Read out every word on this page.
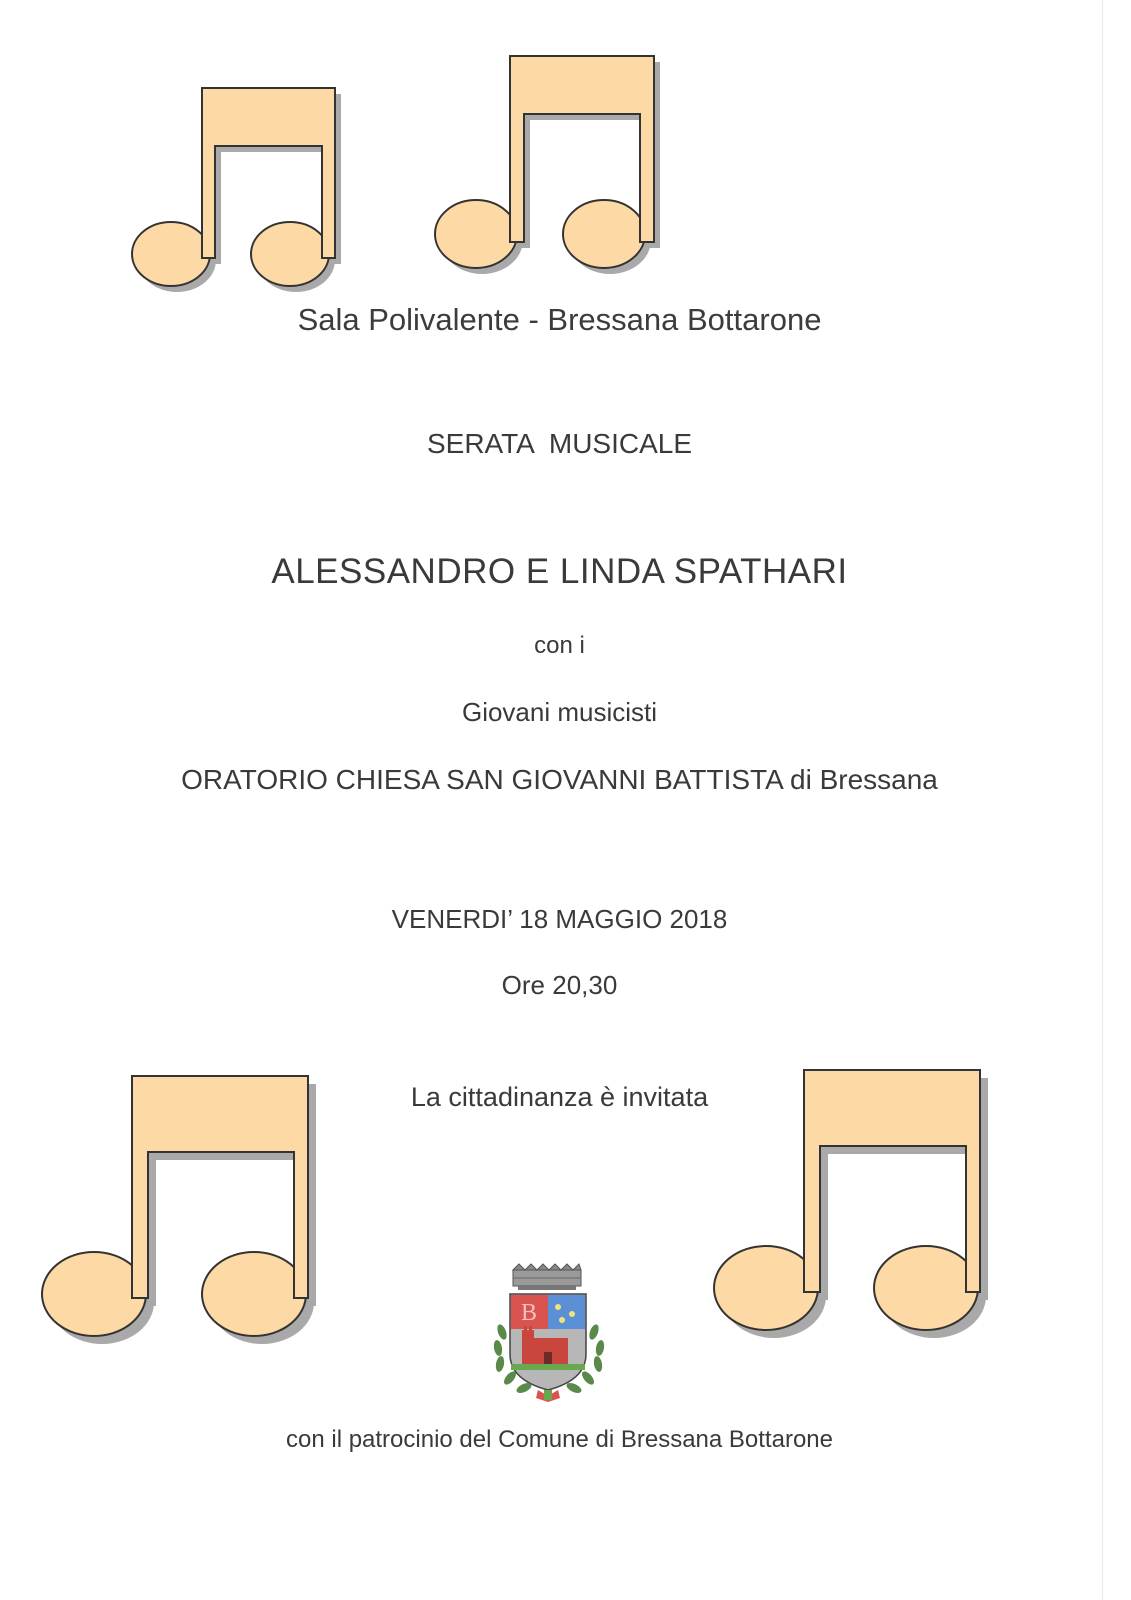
Sala Polivalente - Bressana Bottarone
SERATA  MUSICALE
ALESSANDRO E LINDA SPATHARI
con i
Giovani musicisti
ORATORIO CHIESA SAN GIOVANNI BATTISTA di Bressana
VENERDI’ 18 MAGGIO 2018
Ore 20,30
La cittadinanza è invitata
con il patrocinio del Comune di Bressana Bottarone
B
